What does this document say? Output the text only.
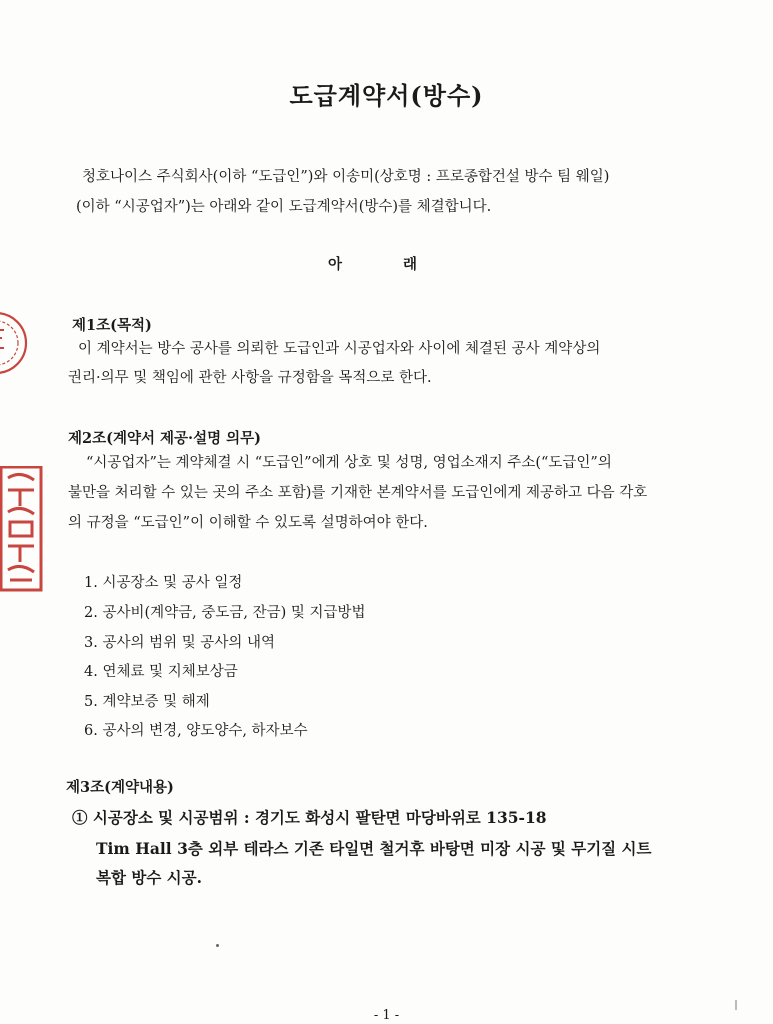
도급계약서(방수)
청호나이스 주식회사(이하 “도급인”)와 이송미(상호명 : 프로종합건설 방수 팀 웨일)
(이하 “시공업자”)는 아래와 같이 도급계약서(방수)를 체결합니다.
아 래
제1조(목적)
이 계약서는 방수 공사를 의뢰한 도급인과 시공업자와 사이에 체결된 공사 계약상의
권리·의무 및 책임에 관한 사항을 규정함을 목적으로 한다.
제2조(계약서 제공·설명 의무)
“시공업자”는 계약체결 시 “도급인”에게 상호 및 성명, 영업소재지 주소(“도급인”의
불만을 처리할 수 있는 곳의 주소 포함)를 기재한 본계약서를 도급인에게 제공하고 다음 각호
의 규정을 “도급인”이 이해할 수 있도록 설명하여야 한다.
1. 시공장소 및 공사 일정
2. 공사비(계약금, 중도금, 잔금) 및 지급방법
3. 공사의 범위 및 공사의 내역
4. 연체료 및 지체보상금
5. 계약보증 및 해제
6. 공사의 변경, 양도양수, 하자보수
제3조(계약내용)
① 시공장소 및 시공범위 : 경기도 화성시 팔탄면 마당바위로 135-18
Tim Hall 3층 외부 테라스 기존 타일면 철거후 바탕면 미장 시공 및 무기질 시트
복합 방수 시공.
- 1 -
